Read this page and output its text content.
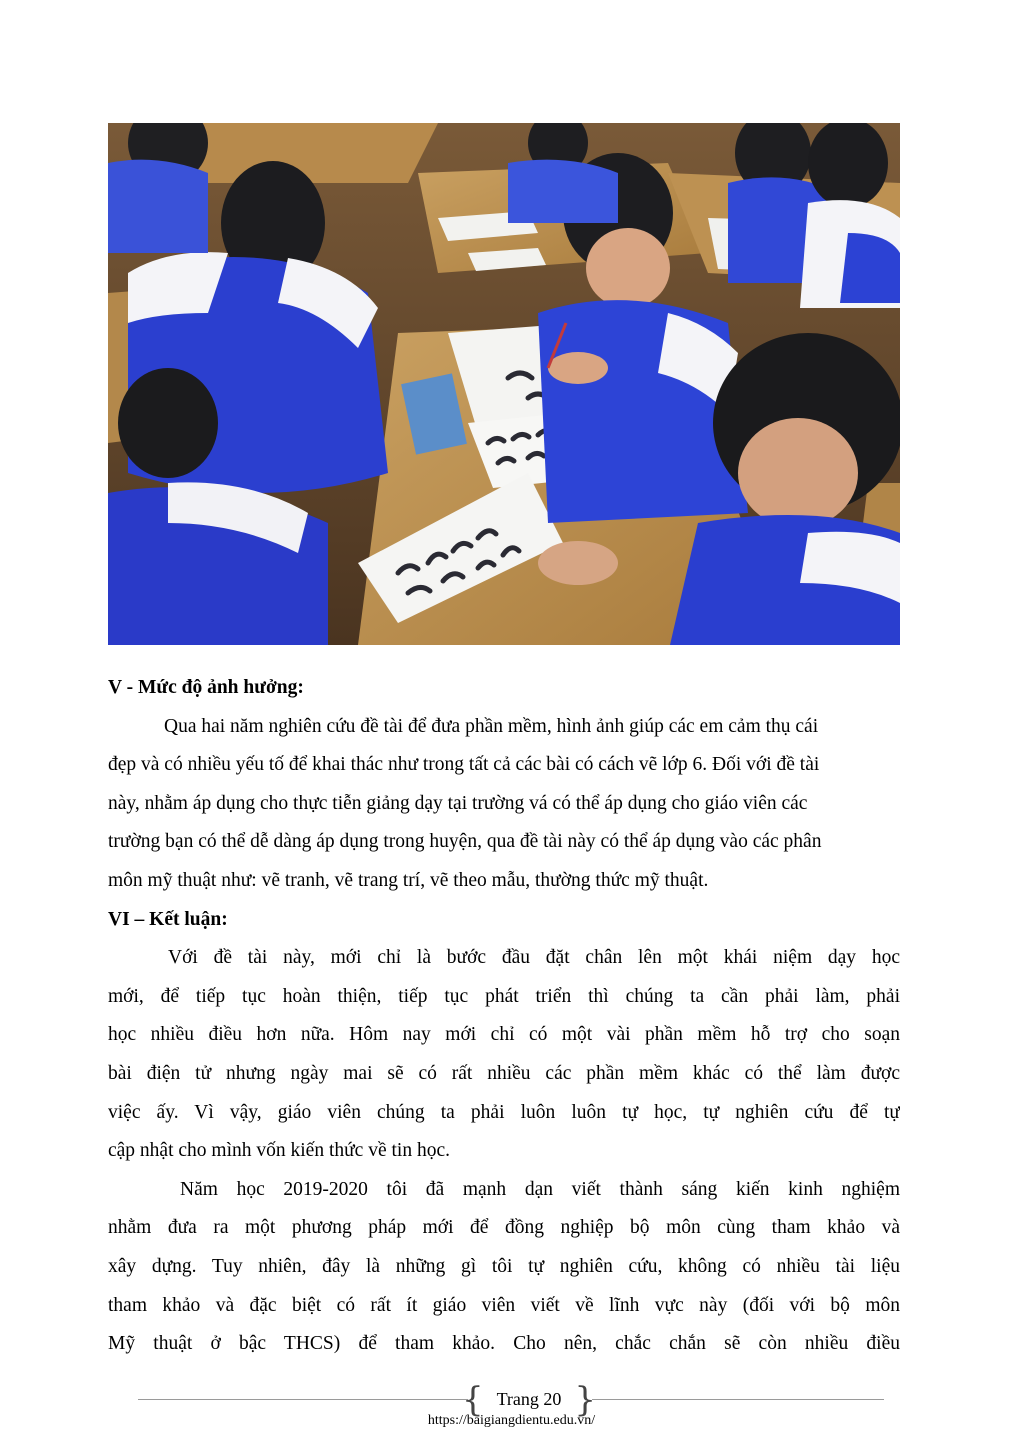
V - Mức độ ảnh hưởng:
Qua hai năm nghiên cứu đề tài để đưa phần mềm, hình ảnh giúp các em cảm thụ cái
đẹp và có nhiều yếu tố để khai thác như trong tất cả các bài có cách vẽ lớp 6. Đối với đề tài
này, nhằm áp dụng cho thực tiễn giảng dạy tại trường vá có thể áp dụng cho giáo viên các
trường bạn có thể dễ dàng áp dụng trong huyện, qua đề tài này có thể áp dụng vào các phân
môn mỹ thuật như: vẽ tranh, vẽ trang trí, vẽ theo mẫu, thường thức mỹ thuật.
VI – Kết luận:
Với đề tài này, mới chỉ là bước đầu đặt chân lên một khái niệm dạy học
mới, để tiếp tục hoàn thiện, tiếp tục phát triển thì chúng ta cần phải làm, phải
học nhiều điều hơn nữa. Hôm nay mới chỉ có một vài phần mềm hỗ trợ cho soạn
bài điện tử nhưng ngày mai sẽ có rất nhiều các phần mềm khác có thể làm được
việc ấy. Vì vậy, giáo viên chúng ta phải luôn luôn tự học, tự nghiên cứu để tự
cập nhật cho mình vốn kiến thức về tin học.
Năm học 2019-2020 tôi đã mạnh dạn viết thành sáng kiến kinh nghiệm
nhằm đưa ra một phương pháp mới để đồng nghiệp bộ môn cùng tham khảo và
xây dựng. Tuy nhiên, đây là những gì tôi tự nghiên cứu, không có nhiều tài liệu
tham khảo và đặc biệt có rất ít giáo viên viết về lĩnh vực này (đối với bộ môn
Mỹ thuật ở bậc THCS) để tham khảo. Cho nên, chắc chắn sẽ còn nhiều điều
{ Trang 20 }
https://baigiangdientu.edu.vn/
